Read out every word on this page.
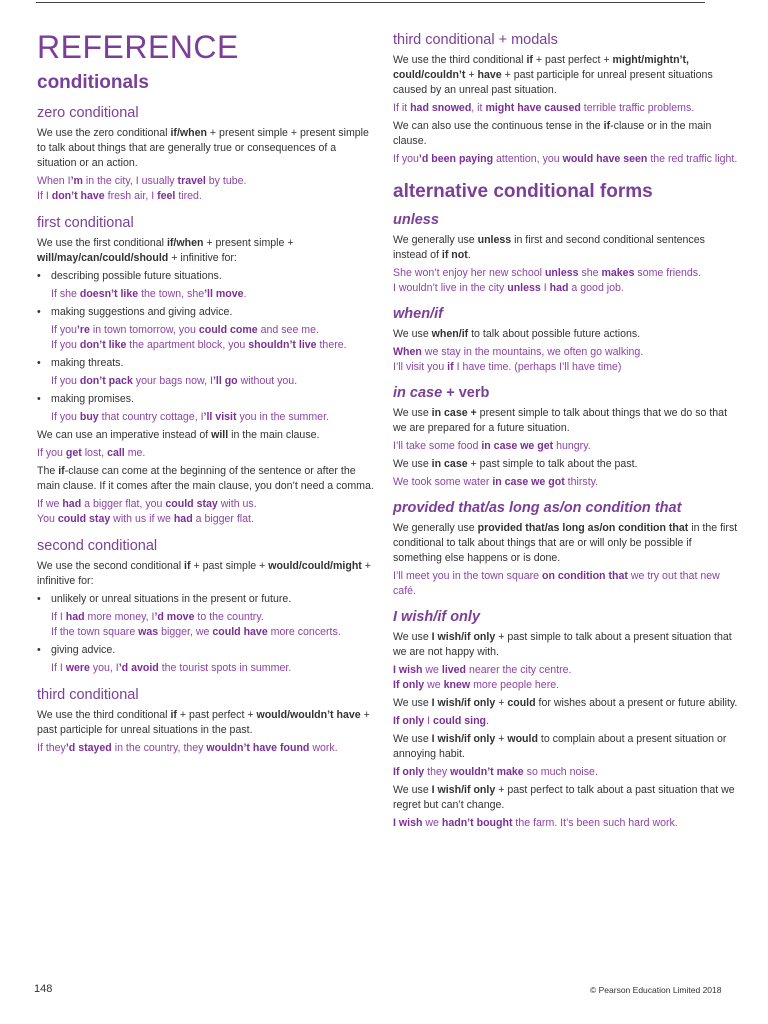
REFERENCE
conditionals
zero conditional

We use the zero conditional if/when + present simple + present simple to talk about things that are generally true or consequences of a situation or an action.

When I’m in the city, I usually travel by tube.

If I don’t have fresh air, I feel tired.

first conditional

We use the first conditional if/when + present simple + will/may/can/could/should + infinitive for:

• describing possible future situations.

If she doesn’t like the town, she’ll move.

• making suggestions and giving advice.

If you’re in town tomorrow, you could come and see me.

If you don’t like the apartment block, you shouldn’t live there.

• making threats.

If you don’t pack your bags now, I’ll go without you.

• making promises.

If you buy that country cottage, I’ll visit you in the summer.

We can use an imperative instead of will in the main clause.

If you get lost, call me.

The if-clause can come at the beginning of the sentence or after the main clause. If it comes after the main clause, you don’t need a comma.

If we had a bigger flat, you could stay with us.

You could stay with us if we had a bigger flat.

second conditional

We use the second conditional if + past simple + would/could/might + infinitive for:

• unlikely or unreal situations in the present or future.

If I had more money, I’d move to the country.

If the town square was bigger, we could have more concerts.

• giving advice.

If I were you, I’d avoid the tourist spots in summer.

third conditional

We use the third conditional if + past perfect + would/wouldn’t have + past participle for unreal situations in the past.

If they’d stayed in the country, they wouldn’t have found work.

third conditional + modals

We use the third conditional if + past perfect + might/mightn’t, could/couldn’t + have + past participle for unreal present situations caused by an unreal past situation.

If it had snowed, it might have caused terrible traffic problems.

We can also use the continuous tense in the if-clause or in the main clause.

If you’d been paying attention, you would have seen the red traffic light.

alternative conditional forms
unless

We generally use unless in first and second conditional sentences instead of if not.

She won’t enjoy her new school unless she makes some friends.

I wouldn’t live in the city unless I had a good job.

when/if

We use when/if to talk about possible future actions.

When we stay in the mountains, we often go walking.

I’ll visit you if I have time. (perhaps I’ll have time)

in case + verb

We use in case + present simple to talk about things that we do so that we are prepared for a future situation.

I’ll take some food in case we get hungry.

We use in case + past simple to talk about the past.

We took some water in case we got thirsty.

provided that/as long as/on condition that

We generally use provided that/as long as/on condition that in the first conditional to talk about things that are or will only be possible if something else happens or is done.

I’ll meet you in the town square on condition that we try out that new café.

I wish/if only

We use I wish/if only + past simple to talk about a present situation that we are not happy with.

I wish we lived nearer the city centre.

If only we knew more people here.

We use I wish/if only + could for wishes about a present or future ability.

If only I could sing.

We use I wish/if only + would to complain about a present situation or annoying habit.

If only they wouldn’t make so much noise.

We use I wish/if only + past perfect to talk about a past situation that we regret but can’t change.

I wish we hadn’t bought the farm. It’s been such hard work.

148	© Pearson Education Limited 2018
